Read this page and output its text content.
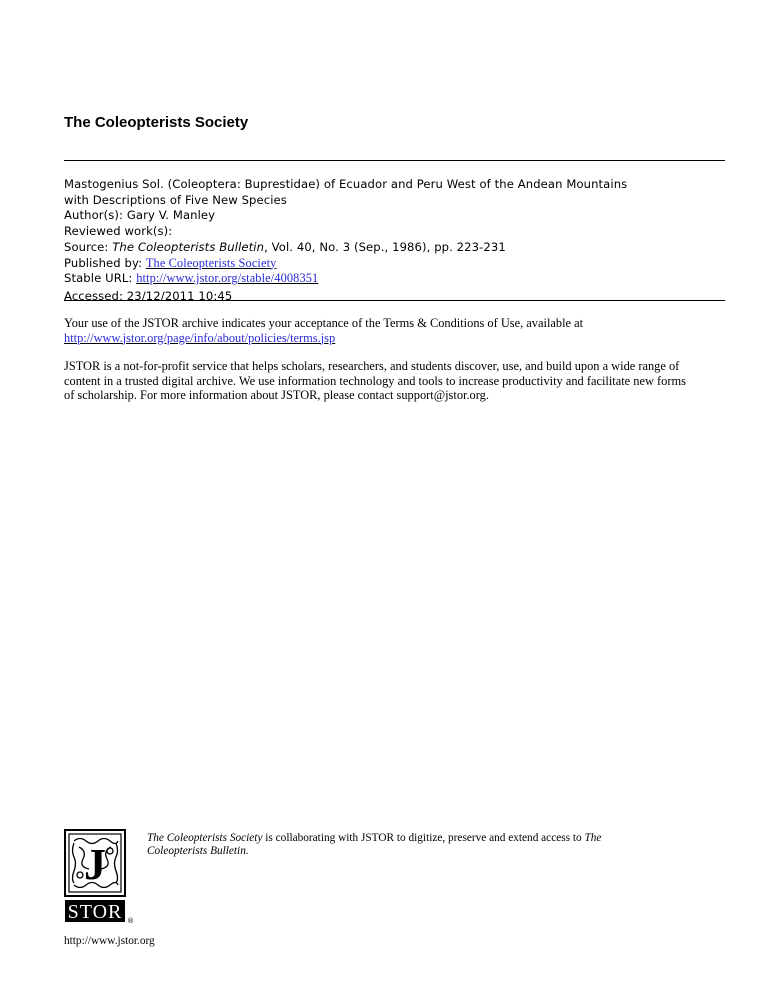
The Coleopterists Society
Mastogenius Sol. (Coleoptera: Buprestidae) of Ecuador and Peru West of the Andean Mountains
with Descriptions of Five New Species
Author(s): Gary V. Manley
Reviewed work(s):
Source: The Coleopterists Bulletin, Vol. 40, No. 3 (Sep., 1986), pp. 223-231
Published by: The Coleopterists Society
Stable URL: http://www.jstor.org/stable/4008351
Accessed: 23/12/2011 10:45
Your use of the JSTOR archive indicates your acceptance of the Terms & Conditions of Use, available at
http://www.jstor.org/page/info/about/policies/terms.jsp
JSTOR is a not-for-profit service that helps scholars, researchers, and students discover, use, and build upon a wide range of
content in a trusted digital archive. We use information technology and tools to increase productivity and facilitate new forms
of scholarship. For more information about JSTOR, please contact support@jstor.org.
J
STOR ®
The Coleopterists Society is collaborating with JSTOR to digitize, preserve and extend access to The
Coleopterists Bulletin.
http://www.jstor.org
